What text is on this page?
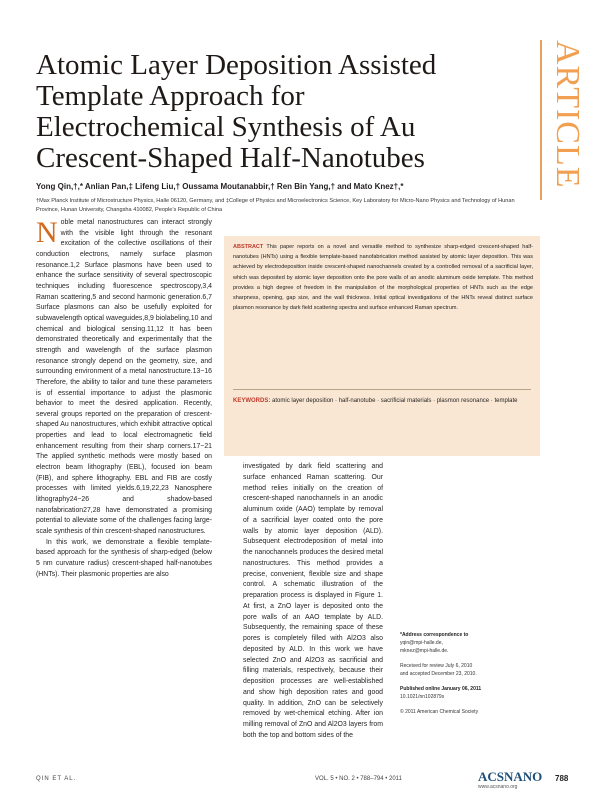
Atomic Layer Deposition Assisted
Template Approach for
Electrochemical Synthesis of Au
Crescent-Shaped Half-Nanotubes	ARTICLE
Yong Qin,†,* Anlian Pan,‡ Lifeng Liu,† Oussama Moutanabbir,† Ren Bin Yang,† and Mato Knez†,*
†Max Planck Institute of Microstructure Physics, Halle 06120, Germany, and ‡College of Physics and Microelectronics Science, Key Laboratory for Micro-Nano Physics and Technology of Hunan Province, Hunan University, Changsha 410082, People’s Republic of China
ABSTRACT This paper reports on a novel and versatile method to synthesize sharp-edged crescent-shaped half-nanotubes (HNTs) using a flexible template-based nanofabrication method assisted by atomic layer deposition. This was achieved by electrodeposition inside crescent-shaped nanochannels created by a controlled removal of a sacrificial layer, which was deposited by atomic layer deposition onto the pore walls of an anodic aluminum oxide template. This method provides a high degree of freedom in the manipulation of the morphological properties of HNTs such as the edge sharpness, opening, gap size, and the wall thickness. Initial optical investigations of the HNTs reveal distinct surface plasmon resonance by dark field scattering spectra and surface enhanced Raman spectrum.
KEYWORDS: atomic layer deposition · half-nanotube · sacrificial materials · plasmon resonance · template

Noble metal nanostructures can interact strongly with the visible light through the resonant excitation of the collective oscillations of their conduction electrons, namely surface plasmon resonance.1,2 Surface plasmons have been used to enhance the surface sensitivity of several spectroscopic techniques including fluorescence spectroscopy,3,4 Raman scattering,5 and second harmonic generation.6,7 Surface plasmons can also be usefully exploited for subwavelength optical waveguides,8,9 biolabeling,10 and chemical and biological sensing.11,12 It has been demonstrated theoretically and experimentally that the strength and wavelength of the surface plasmon resonance strongly depend on the geometry, size, and surrounding environment of a metal nanostructure.13−16 Therefore, the ability to tailor and tune these parameters is of essential importance to adjust the plasmonic behavior to meet the desired application. Recently, several groups reported on the preparation of crescent-shaped Au nanostructures, which exhibit attractive optical properties and lead to local electromagnetic field enhancement resulting from their sharp corners.17−21 The applied synthetic methods were mostly based on electron beam lithography (EBL), focused ion beam (FIB), and sphere lithography. EBL and FIB are costly processes with limited yields.6,19,22,23 Nanosphere lithography24−26 and shadow-based nanofabrication27,28 have demonstrated a promising potential to alleviate some of the challenges facing large-scale synthesis of thin crescent-shaped nanostructures.

In this work, we demonstrate a flexible template-based approach for the synthesis of sharp-edged (below 5 nm curvature radius) crescent-shaped half-nanotubes (HNTs). Their plasmonic properties are also

investigated by dark field scattering and surface enhanced Raman scattering. Our method relies initially on the creation of crescent-shaped nanochannels in an anodic aluminum oxide (AAO) template by removal of a sacrificial layer coated onto the pore walls by atomic layer deposition (ALD). Subsequent electrodeposition of metal into the nanochannels produces the desired metal nanostructures. This method provides a precise, convenient, flexible size and shape control. A schematic illustration of the preparation process is displayed in Figure 1. At first, a ZnO layer is deposited onto the pore walls of an AAO template by ALD. Subsequently, the remaining space of these pores is completely filled with Al2O3 also deposited by ALD. In this work we have selected ZnO and Al2O3 as sacrificial and filling materials, respectively, because their deposition processes are well-established and show high deposition rates and good quality. In addition, ZnO can be selectively removed by wet-chemical etching. After ion milling removal of ZnO and Al2O3 layers from both the top and bottom sides of the

*Address correspondence to
yqin@mpi-halle.de,
mknez@mpi-halle.de.
Received for review July 6, 2010
and accepted December 23, 2010.
Published online January 06, 2011
10.1021/nn102879s
© 2011 American Chemical Society
QIN ET AL.	VOL. 5 • NO. 2 • 788–794 • 2011	ACSNANO 788
www.acsnano.org
